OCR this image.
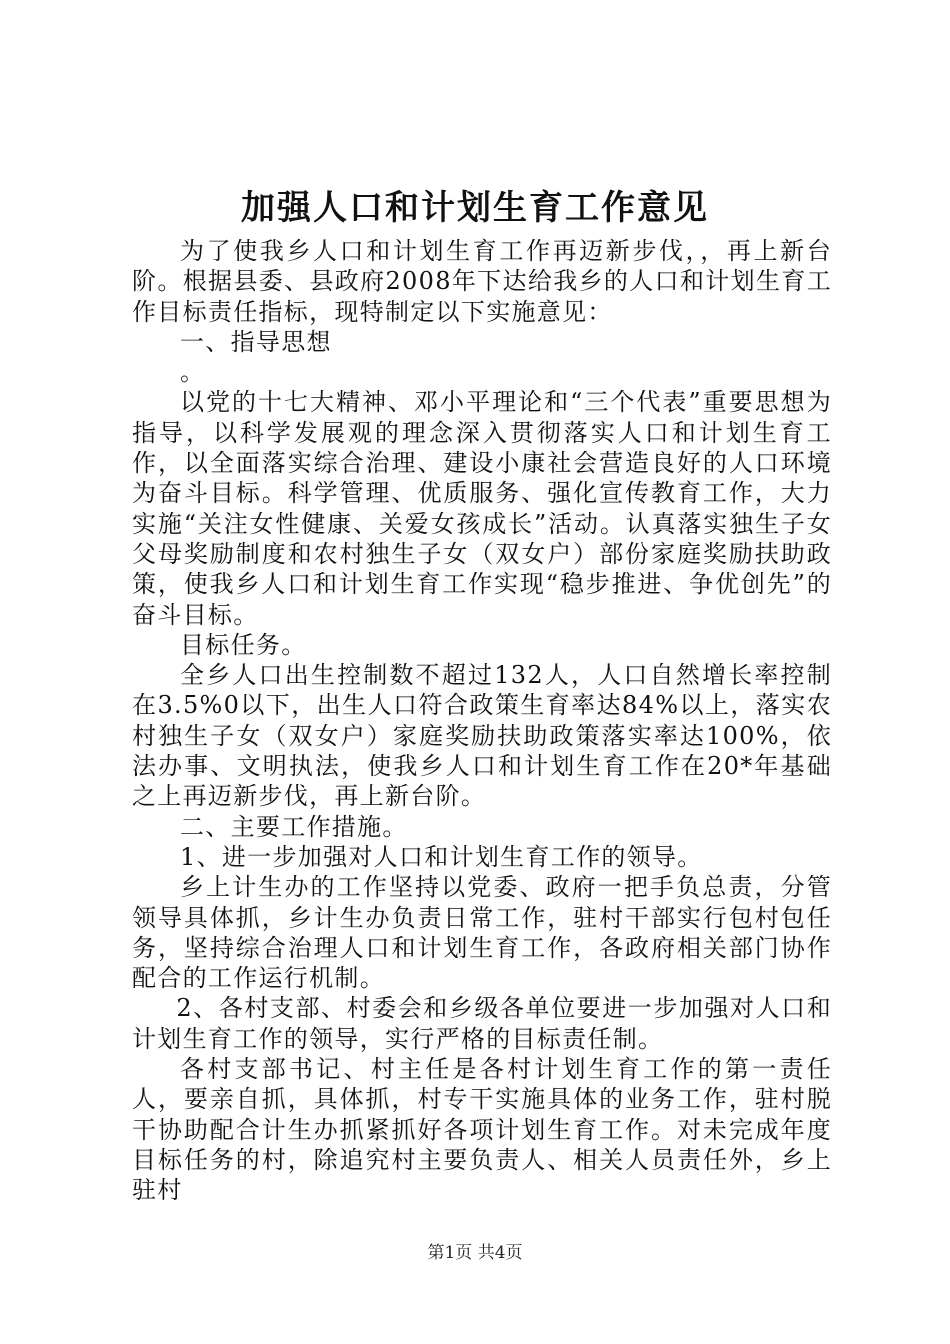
加强人口和计划生育工作意见

为了使我乡人口和计划生育工作再迈新步伐，，再上新台阶。根据县委、县政府2008年下达给我乡的人口和计划生育工作目标责任指标，现特制定以下实施意见：

一、指导思想

。

以党的十七大精神、邓小平理论和“三个代表”重要思想为指导，以科学发展观的理念深入贯彻落实人口和计划生育工作，以全面落实综合治理、建设小康社会营造良好的人口环境为奋斗目标。科学管理、优质服务、强化宣传教育工作，大力实施“关注女性健康、关爱女孩成长”活动。认真落实独生子女父母奖励制度和农村独生子女（双女户）部份家庭奖励扶助政策，使我乡人口和计划生育工作实现“稳步推进、争优创先”的奋斗目标。

目标任务。

全乡人口出生控制数不超过132人，人口自然增长率控制在3.5%0以下，出生人口符合政策生育率达84%以上，落实农村独生子女（双女户）家庭奖励扶助政策落实率达100%，依法办事、文明执法，使我乡人口和计划生育工作在20*年基础之上再迈新步伐，再上新台阶。

二、主要工作措施。

1、进一步加强对人口和计划生育工作的领导。

乡上计生办的工作坚持以党委、政府一把手负总责，分管领导具体抓，乡计生办负责日常工作，驻村干部实行包村包任务，坚持综合治理人口和计划生育工作，各政府相关部门协作配合的工作运行机制。

2、各村支部、村委会和乡级各单位要进一步加强对人口和计划生育工作的领导，实行严格的目标责任制。

各村支部书记、村主任是各村计划生育工作的第一责任人，要亲自抓，具体抓，村专干实施具体的业务工作，驻村脱干协助配合计生办抓紧抓好各项计划生育工作。对未完成年度目标任务的村，除追究村主要负责人、相关人员责任外，乡上驻村

第1页 共4页
